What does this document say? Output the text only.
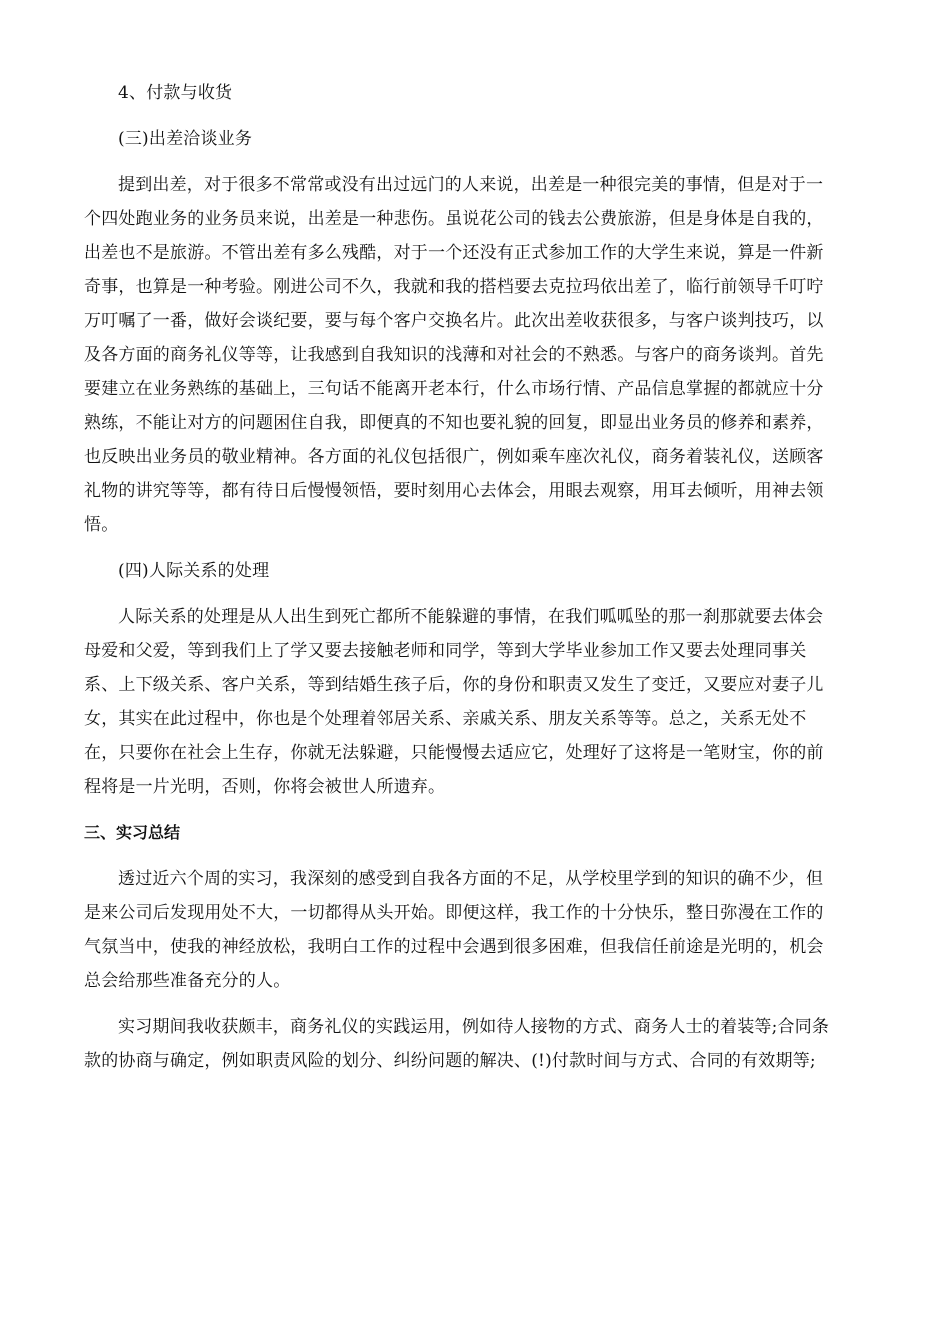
4、付款与收货
(三)出差洽谈业务
提到出差，对于很多不常常或没有出过远门的人来说，出差是一种很完美的事情，但是对于一
个四处跑业务的业务员来说，出差是一种悲伤。虽说花公司的钱去公费旅游，但是身体是自我的，
出差也不是旅游。不管出差有多么残酷，对于一个还没有正式参加工作的大学生来说，算是一件新
奇事，也算是一种考验。刚进公司不久，我就和我的搭档要去克拉玛依出差了，临行前领导千叮咛
万叮嘱了一番，做好会谈纪要，要与每个客户交换名片。此次出差收获很多，与客户谈判技巧，以
及各方面的商务礼仪等等，让我感到自我知识的浅薄和对社会的不熟悉。与客户的商务谈判。首先
要建立在业务熟练的基础上，三句话不能离开老本行，什么市场行情、产品信息掌握的都就应十分
熟练，不能让对方的问题困住自我，即便真的不知也要礼貌的回复，即显出业务员的修养和素养，
也反映出业务员的敬业精神。各方面的礼仪包括很广，例如乘车座次礼仪，商务着装礼仪，送顾客
礼物的讲究等等，都有待日后慢慢领悟，要时刻用心去体会，用眼去观察，用耳去倾听，用神去领
悟。
(四)人际关系的处理
人际关系的处理是从人出生到死亡都所不能躲避的事情，在我们呱呱坠的那一刹那就要去体会
母爱和父爱，等到我们上了学又要去接触老师和同学，等到大学毕业参加工作又要去处理同事关
系、上下级关系、客户关系，等到结婚生孩子后，你的身份和职责又发生了变迁，又要应对妻子儿
女，其实在此过程中，你也是个处理着邻居关系、亲戚关系、朋友关系等等。总之，关系无处不
在，只要你在社会上生存，你就无法躲避，只能慢慢去适应它，处理好了这将是一笔财宝，你的前
程将是一片光明，否则，你将会被世人所遗弃。
三、实习总结
透过近六个周的实习，我深刻的感受到自我各方面的不足，从学校里学到的知识的确不少，但
是来公司后发现用处不大，一切都得从头开始。即便这样，我工作的十分快乐，整日弥漫在工作的
气氛当中，使我的神经放松，我明白工作的过程中会遇到很多困难，但我信任前途是光明的，机会
总会给那些准备充分的人。
实习期间我收获颇丰，商务礼仪的实践运用，例如待人接物的方式、商务人士的着装等;合同条
款的协商与确定，例如职责风险的划分、纠纷问题的解决、(!)付款时间与方式、合同的有效期等;
